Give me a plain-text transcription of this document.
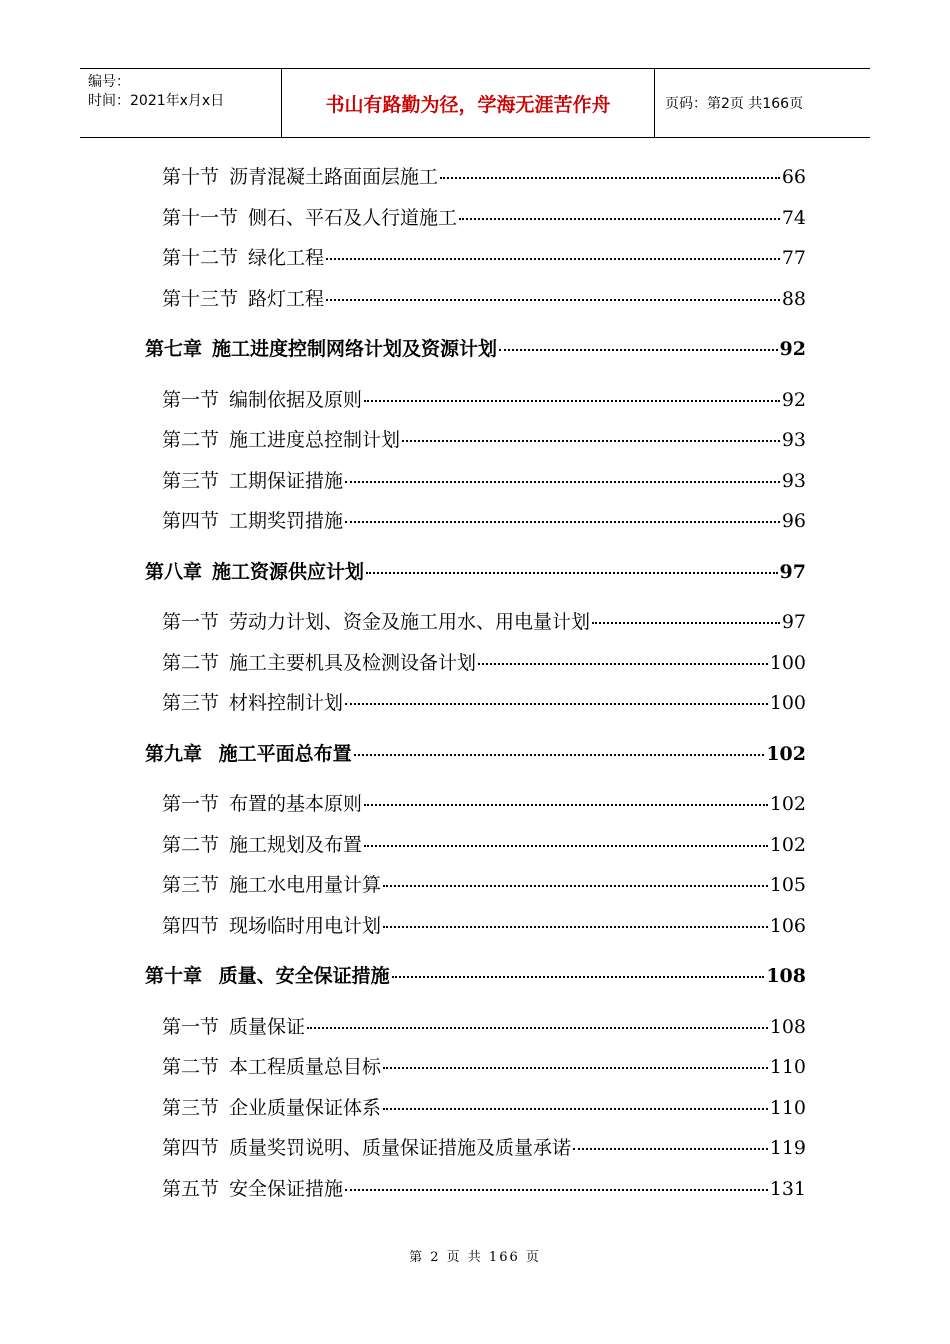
编号：
时间：2021年x月x日	书山有路勤为径，学海无涯苦作舟	页码：第2页 共166页
第十节 沥青混凝土路面面层施工	66
第十一节 侧石、平石及人行道施工	74
第十二节 绿化工程	77
第十三节 路灯工程	88
第七章 施工进度控制网络计划及资源计划	92
第一节 编制依据及原则	92
第二节 施工进度总控制计划	93
第三节 工期保证措施	93
第四节 工期奖罚措施	96
第八章 施工资源供应计划	97
第一节 劳动力计划、资金及施工用水、用电量计划	97
第二节 施工主要机具及检测设备计划	100
第三节 材料控制计划	100
第九章 施工平面总布置	102
第一节 布置的基本原则	102
第二节 施工规划及布置	102
第三节 施工水电用量计算	105
第四节 现场临时用电计划	106
第十章 质量、安全保证措施	108
第一节 质量保证	108
第二节 本工程质量总目标	110
第三节 企业质量保证体系	110
第四节 质量奖罚说明、质量保证措施及质量承诺	119
第五节 安全保证措施	131
第 2 页 共 166 页
